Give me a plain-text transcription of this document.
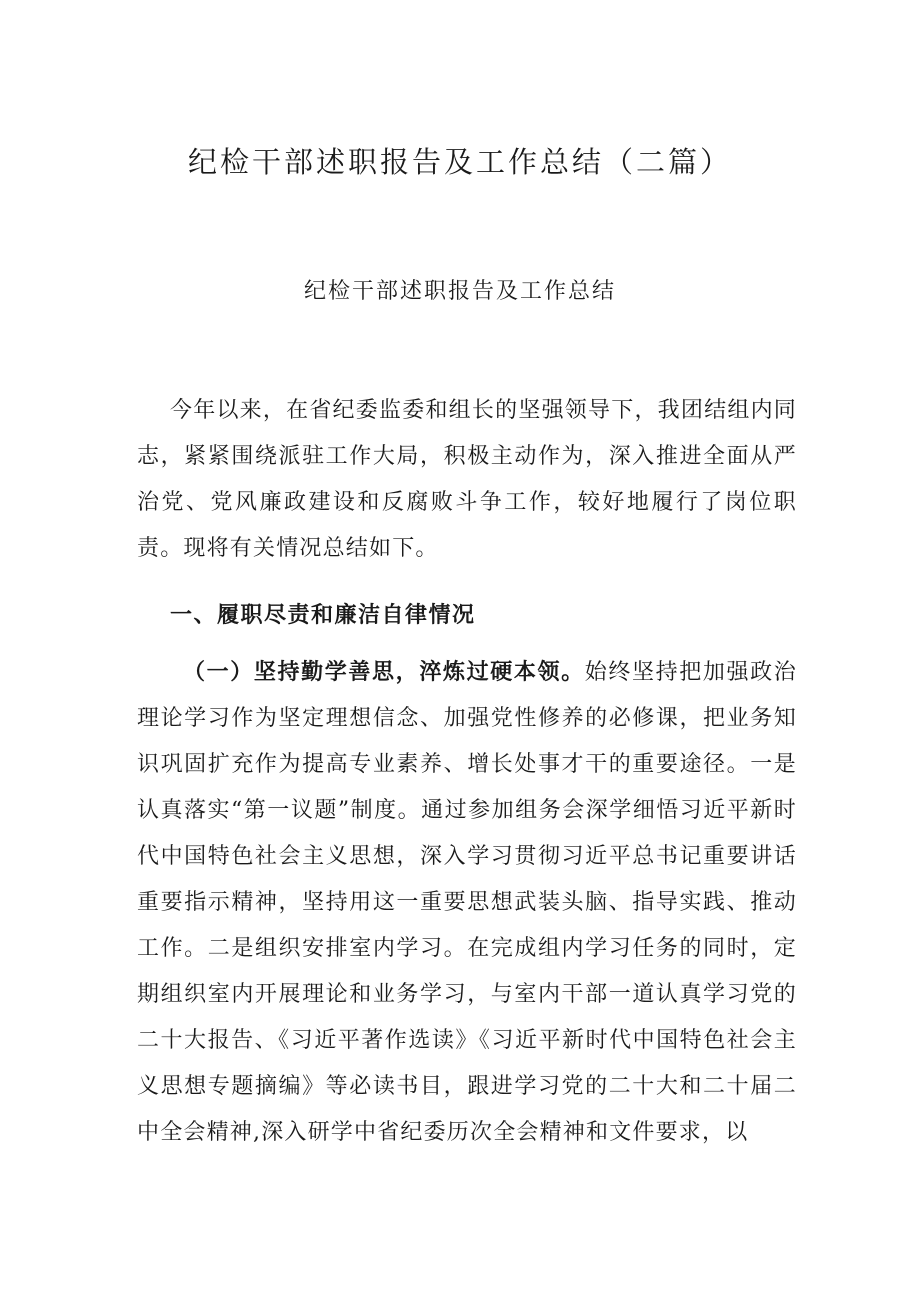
纪检干部述职报告及工作总结（二篇）
纪检干部述职报告及工作总结

今年以来，在省纪委监委和组长的坚强领导下，我团结组内同志，紧紧围绕派驻工作大局，积极主动作为，深入推进全面从严治党、党风廉政建设和反腐败斗争工作，较好地履行了岗位职责。现将有关情况总结如下。

一、履职尽责和廉洁自律情况

（一）坚持勤学善思，淬炼过硬本领。始终坚持把加强政治理论学习作为坚定理想信念、加强党性修养的必修课，把业务知识巩固扩充作为提高专业素养、增长处事才干的重要途径。一是认真落实“第一议题”制度。通过参加组务会深学细悟习近平新时代中国特色社会主义思想，深入学习贯彻习近平总书记重要讲话重要指示精神，坚持用这一重要思想武装头脑、指导实践、推动工作。二是组织安排室内学习。在完成组内学习任务的同时，定期组织室内开展理论和业务学习，与室内干部一道认真学习党的二十大报告、《习近平著作选读》《习近平新时代中国特色社会主义思想专题摘编》等必读书目，跟进学习党的二十大和二十届二中全会精神,深入研学中省纪委历次全会精神和文件要求，以
